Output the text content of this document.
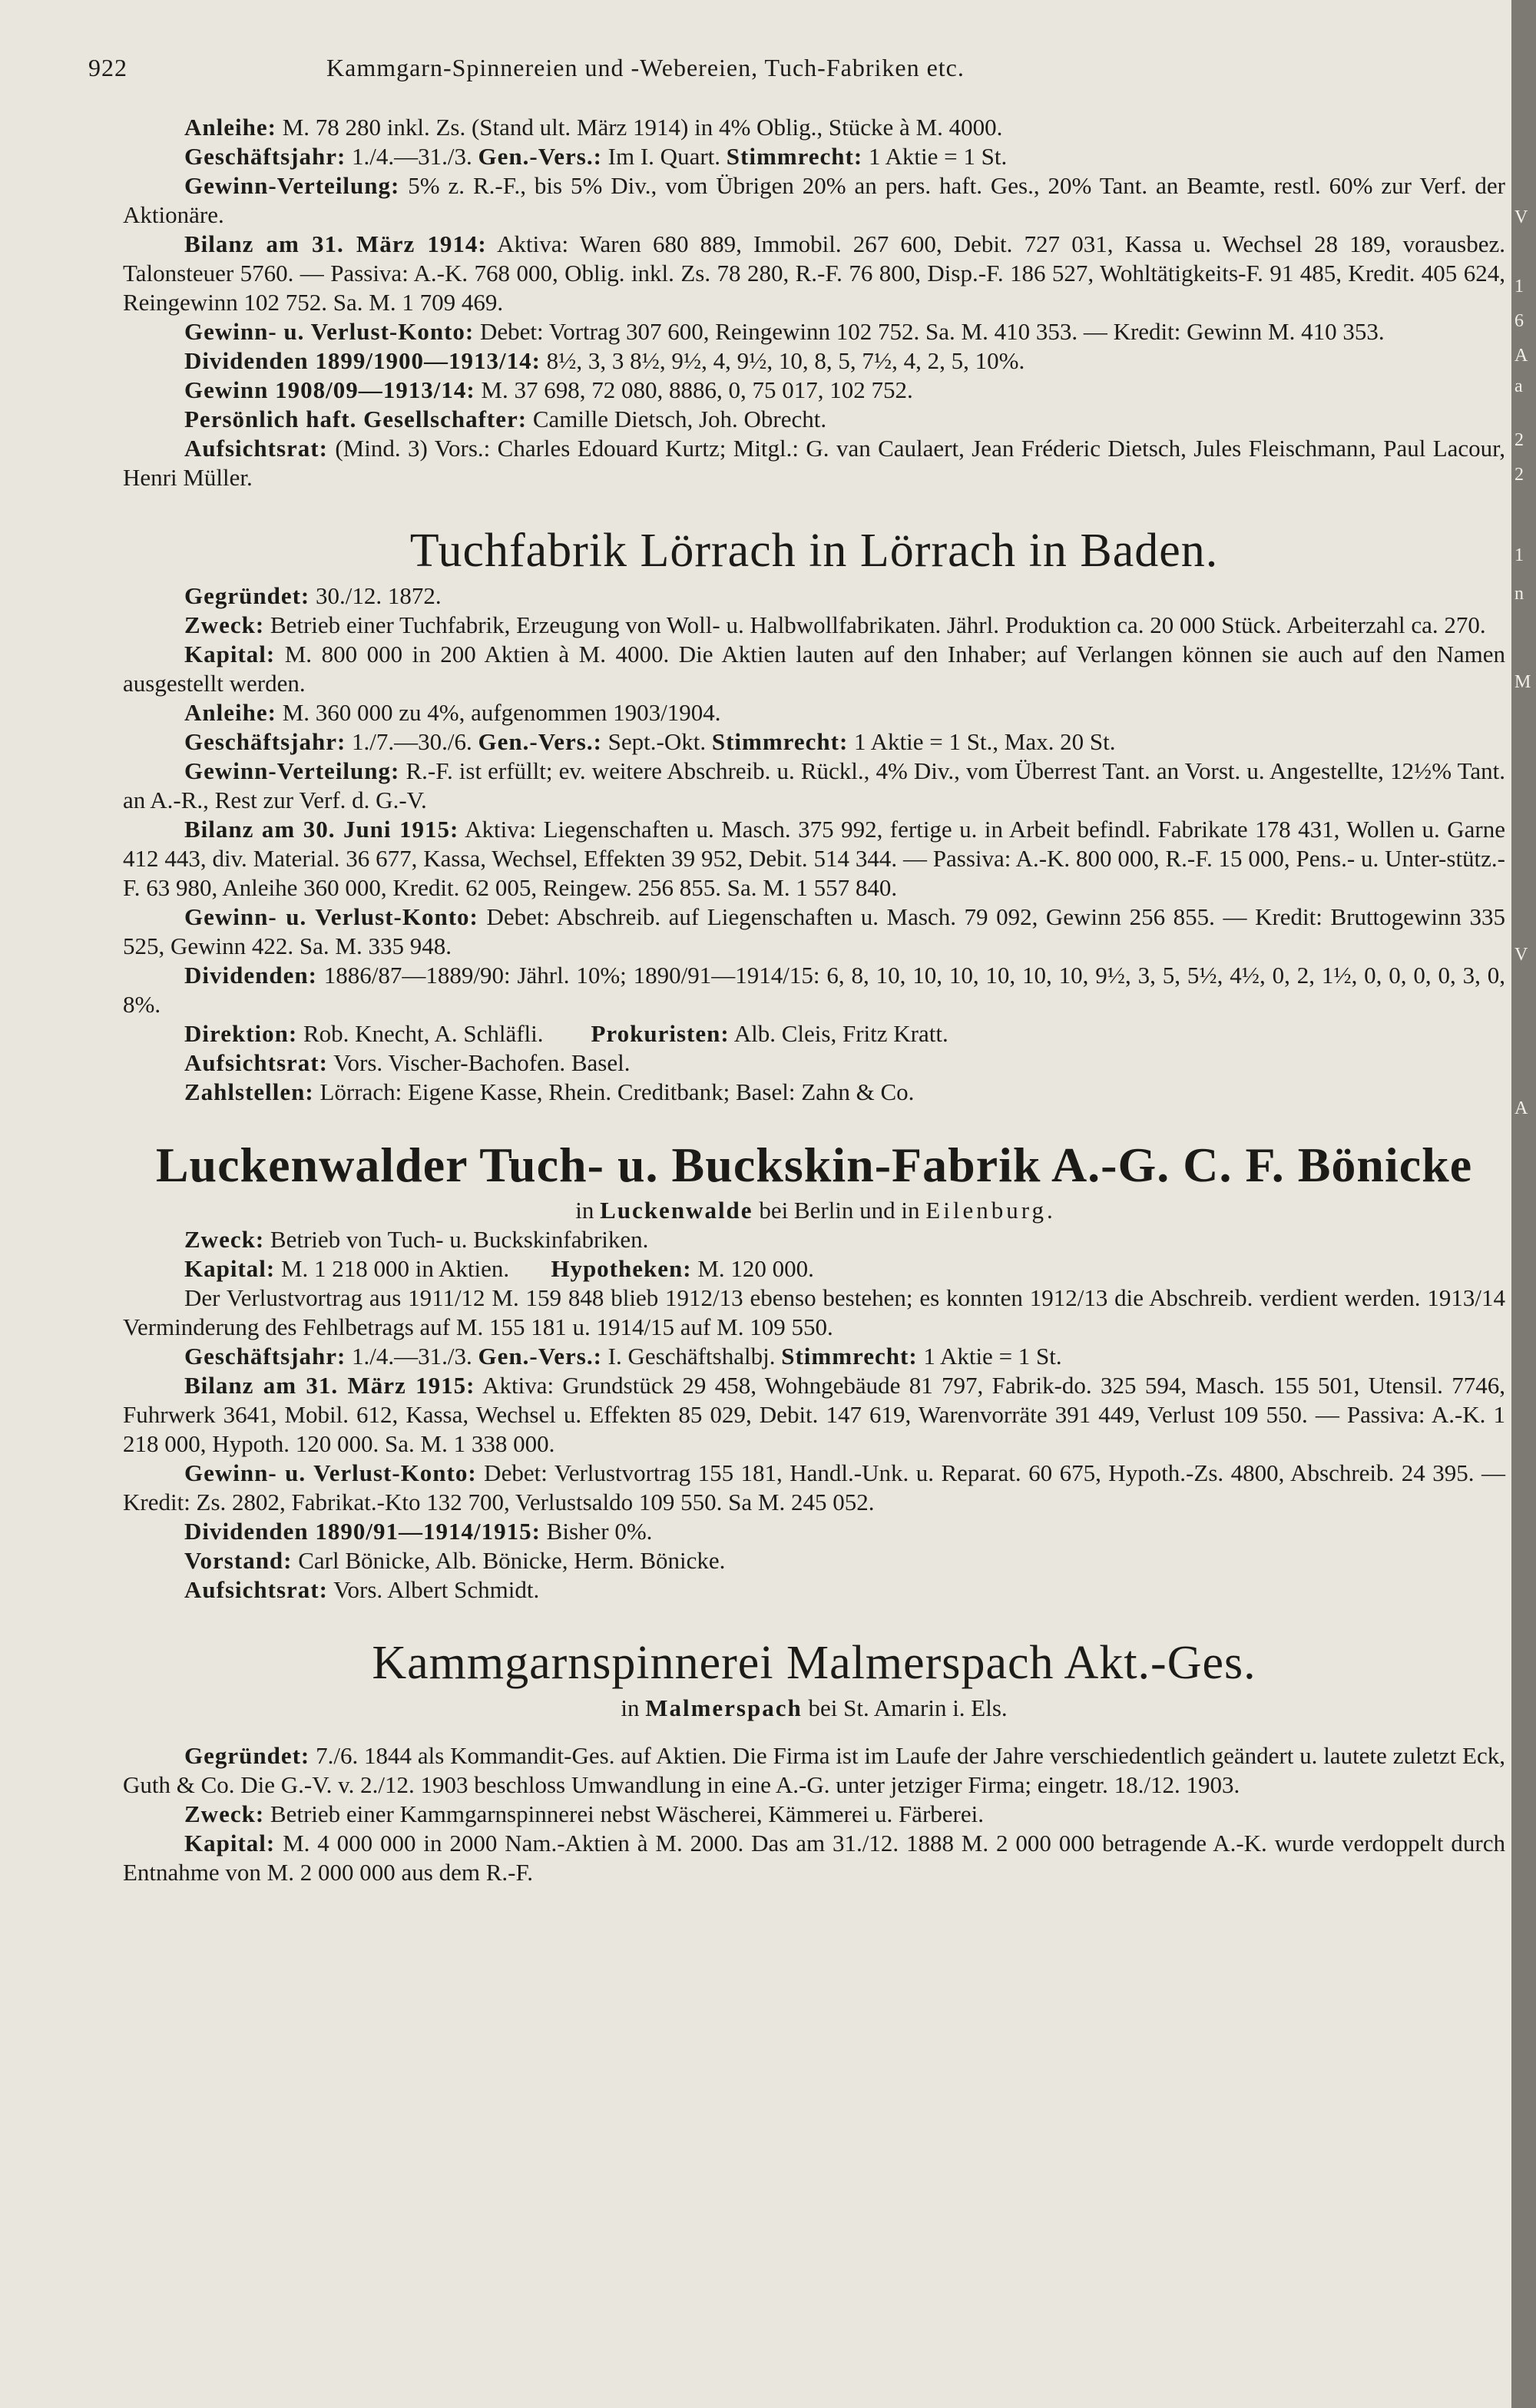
922	Kammgarn-Spinnereien und -Webereien, Tuch-Fabriken etc.

Anleihe: M. 78 280 inkl. Zs. (Stand ult. März 1914) in 4% Oblig., Stücke à M. 4000.

Geschäftsjahr: 1./4.—31./3. Gen.-Vers.: Im I. Quart. Stimmrecht: 1 Aktie = 1 St.

Gewinn-Verteilung: 5% z. R.-F., bis 5% Div., vom Übrigen 20% an pers. haft. Ges., 20% Tant. an Beamte, restl. 60% zur Verf. der Aktionäre.

Bilanz am 31. März 1914: Aktiva: Waren 680 889, Immobil. 267 600, Debit. 727 031, Kassa u. Wechsel 28 189, vorausbez. Talonsteuer 5760. — Passiva: A.-K. 768 000, Oblig. inkl. Zs. 78 280, R.-F. 76 800, Disp.-F. 186 527, Wohltätigkeits-F. 91 485, Kredit. 405 624, Reingewinn 102 752. Sa. M. 1 709 469.

Gewinn- u. Verlust-Konto: Debet: Vortrag 307 600, Reingewinn 102 752. Sa. M. 410 353. — Kredit: Gewinn M. 410 353.

Dividenden 1899/1900—1913/14: 8½, 3, 3 8½, 9½, 4, 9½, 10, 8, 5, 7½, 4, 2, 5, 10%.

Gewinn 1908/09—1913/14: M. 37 698, 72 080, 8886, 0, 75 017, 102 752.

Persönlich haft. Gesellschafter: Camille Dietsch, Joh. Obrecht.

Aufsichtsrat: (Mind. 3) Vors.: Charles Edouard Kurtz; Mitgl.: G. van Caulaert, Jean Fréderic Dietsch, Jules Fleischmann, Paul Lacour, Henri Müller.

Tuchfabrik Lörrach in Lörrach in Baden.

Gegründet: 30./12. 1872.

Zweck: Betrieb einer Tuchfabrik, Erzeugung von Woll- u. Halbwollfabrikaten. Jährl. Produktion ca. 20 000 Stück. Arbeiterzahl ca. 270.

Kapital: M. 800 000 in 200 Aktien à M. 4000. Die Aktien lauten auf den Inhaber; auf Verlangen können sie auch auf den Namen ausgestellt werden.

Anleihe: M. 360 000 zu 4%, aufgenommen 1903/1904.

Geschäftsjahr: 1./7.—30./6. Gen.-Vers.: Sept.-Okt. Stimmrecht: 1 Aktie = 1 St., Max. 20 St.

Gewinn-Verteilung: R.-F. ist erfüllt; ev. weitere Abschreib. u. Rückl., 4% Div., vom Überrest Tant. an Vorst. u. Angestellte, 12½% Tant. an A.-R., Rest zur Verf. d. G.-V.

Bilanz am 30. Juni 1915: Aktiva: Liegenschaften u. Masch. 375 992, fertige u. in Arbeit befindl. Fabrikate 178 431, Wollen u. Garne 412 443, div. Material. 36 677, Kassa, Wechsel, Effekten 39 952, Debit. 514 344. — Passiva: A.-K. 800 000, R.-F. 15 000, Pens.- u. Unter-stütz.-F. 63 980, Anleihe 360 000, Kredit. 62 005, Reingew. 256 855. Sa. M. 1 557 840.

Gewinn- u. Verlust-Konto: Debet: Abschreib. auf Liegenschaften u. Masch. 79 092, Gewinn 256 855. — Kredit: Bruttogewinn 335 525, Gewinn 422. Sa. M. 335 948.

Dividenden: 1886/87—1889/90: Jährl. 10%; 1890/91—1914/15: 6, 8, 10, 10, 10, 10, 10, 10, 9½, 3, 5, 5½, 4½, 0, 2, 1½, 0, 0, 0, 0, 3, 0, 8%.

Direktion: Rob. Knecht, A. Schläfli. Prokuristen: Alb. Cleis, Fritz Kratt.

Aufsichtsrat: Vors. Vischer-Bachofen. Basel.

Zahlstellen: Lörrach: Eigene Kasse, Rhein. Creditbank; Basel: Zahn & Co.

Luckenwalder Tuch- u. Buckskin-Fabrik A.-G. C. F. Bönicke
in Luckenwalde bei Berlin und in Eilenburg.

Zweck: Betrieb von Tuch- u. Buckskinfabriken.

Kapital: M. 1 218 000 in Aktien. Hypotheken: M. 120 000.

Der Verlustvortrag aus 1911/12 M. 159 848 blieb 1912/13 ebenso bestehen; es konnten 1912/13 die Abschreib. verdient werden. 1913/14 Verminderung des Fehlbetrags auf M. 155 181 u. 1914/15 auf M. 109 550.

Geschäftsjahr: 1./4.—31./3. Gen.-Vers.: I. Geschäftshalbj. Stimmrecht: 1 Aktie = 1 St.

Bilanz am 31. März 1915: Aktiva: Grundstück 29 458, Wohngebäude 81 797, Fabrik-do. 325 594, Masch. 155 501, Utensil. 7746, Fuhrwerk 3641, Mobil. 612, Kassa, Wechsel u. Effekten 85 029, Debit. 147 619, Warenvorräte 391 449, Verlust 109 550. — Passiva: A.-K. 1 218 000, Hypoth. 120 000. Sa. M. 1 338 000.

Gewinn- u. Verlust-Konto: Debet: Verlustvortrag 155 181, Handl.-Unk. u. Reparat. 60 675, Hypoth.-Zs. 4800, Abschreib. 24 395. — Kredit: Zs. 2802, Fabrikat.-Kto 132 700, Verlustsaldo 109 550. Sa M. 245 052.

Dividenden 1890/91—1914/1915: Bisher 0%.

Vorstand: Carl Bönicke, Alb. Bönicke, Herm. Bönicke.

Aufsichtsrat: Vors. Albert Schmidt.

Kammgarnspinnerei Malmerspach Akt.-Ges.
in Malmerspach bei St. Amarin i. Els.

Gegründet: 7./6. 1844 als Kommandit-Ges. auf Aktien. Die Firma ist im Laufe der Jahre verschiedentlich geändert u. lautete zuletzt Eck, Guth & Co. Die G.-V. v. 2./12. 1903 beschloss Umwandlung in eine A.-G. unter jetziger Firma; eingetr. 18./12. 1903.

Zweck: Betrieb einer Kammgarnspinnerei nebst Wäscherei, Kämmerei u. Färberei.

Kapital: M. 4 000 000 in 2000 Nam.-Aktien à M. 2000. Das am 31./12. 1888 M. 2 000 000 betragende A.-K. wurde verdoppelt durch Entnahme von M. 2 000 000 aus dem R.-F.

V
1
6
A
a
2
2
1
n
M
V
A
